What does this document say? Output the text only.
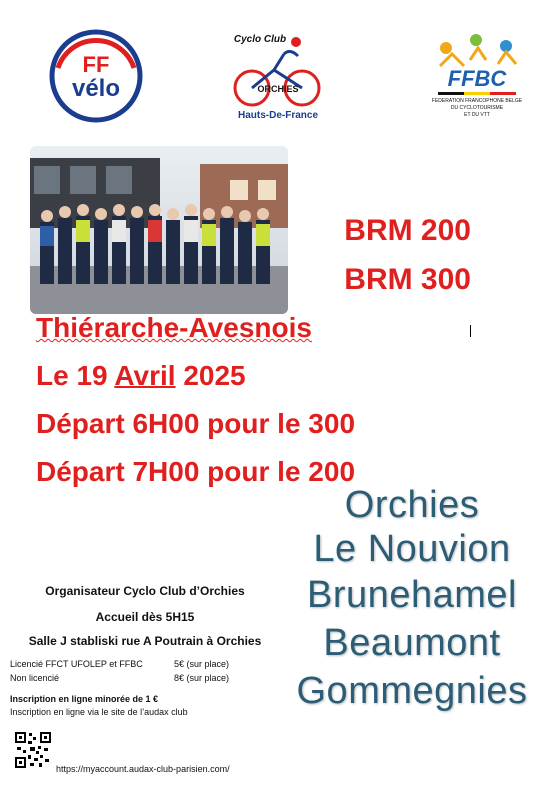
FF
vélo
Cyclo Club
ORCHIES
Hauts-De-France
FFBC
FEDERATION FRANCOPHONE BELGE
DU CYCLOTOURISME
ET DU VTT
BRM 200
BRM 300
Thiérarche-Avesnois
Le 19 Avril 2025
Départ 6H00 pour le 300
Départ 7H00 pour le 200
Orchies
Le Nouvion
Brunehamel
Beaumont
Gommegnies
Organisateur Cyclo Club d’Orchies
Accueil dès 5H15
Salle J stabliski rue A Poutrain à Orchies
Licencié FFCT UFOLEP et FFBC	5€ (sur place)
Non licencié	8€ (sur place)
Inscription en ligne minorée de 1 €
Inscription en ligne via le site de l’audax club
https://myaccount.audax-club-parisien.com/
